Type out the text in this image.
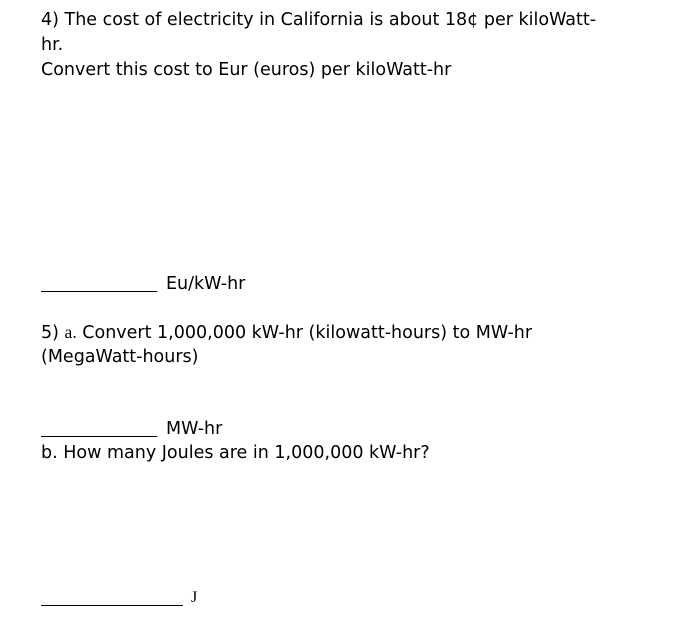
4) The cost of electricity in California is about 18¢ per kiloWatt-
hr.
Convert this cost to Eur (euros) per kiloWatt-hr
Eu/kW-hr
5) a. Convert 1,000,000 kW-hr (kilowatt-hours) to MW-hr
(MegaWatt-hours)
MW-hr
b. How many Joules are in 1,000,000 kW-hr?
J
